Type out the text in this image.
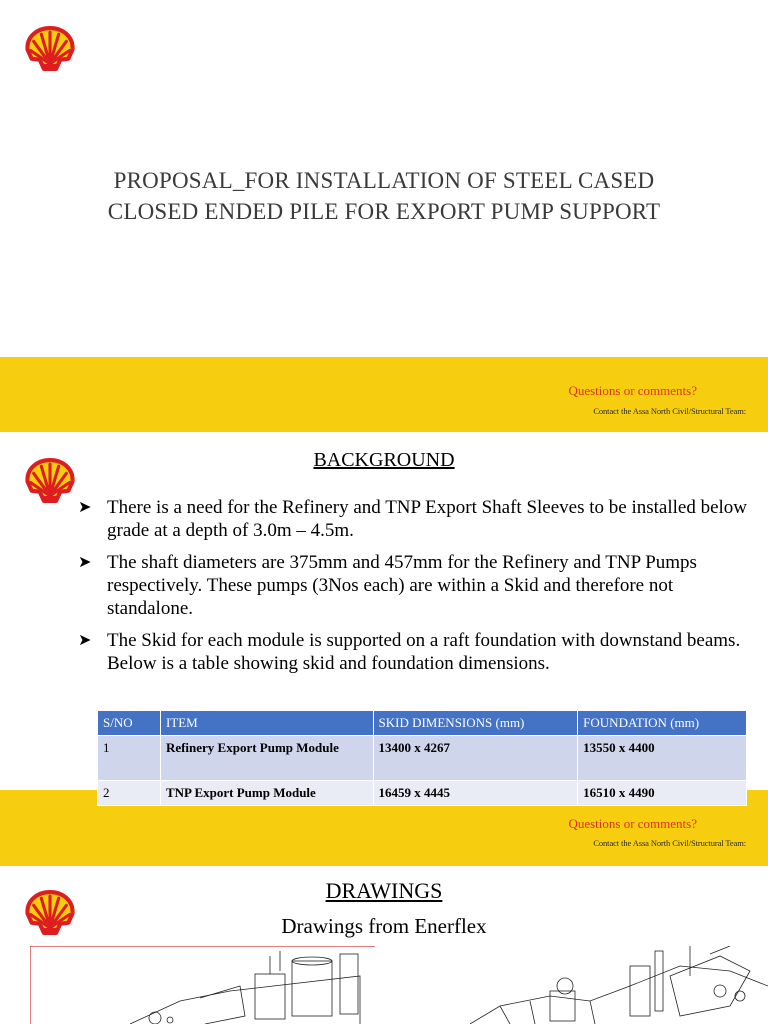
PROPOSAL_FOR INSTALLATION OF STEEL CASED
CLOSED ENDED PILE FOR EXPORT PUMP SUPPORT
Questions or comments?
Contact the Assa North Civil/Structural Team:
BACKGROUND
➤ There is a need for the Refinery and TNP Export Shaft Sleeves to be installed below grade at a depth of 3.0m – 4.5m.
➤ The shaft diameters are 375mm and 457mm for the Refinery and TNP Pumps respectively. These pumps (3Nos each) are within a Skid and therefore not standalone.
➤ The Skid for each module is supported on a raft foundation with downstand beams. Below is a table showing skid and foundation dimensions.
Questions or comments?
Contact the Assa North Civil/Structural Team:
S/NO	ITEM	SKID DIMENSIONS (mm)	FOUNDATION (mm)
1	Refinery Export Pump Module	13400 x 4267	13550 x 4400
2	TNP Export Pump Module	16459 x 4445	16510 x 4490
DRAWINGS
Drawings from Enerflex
